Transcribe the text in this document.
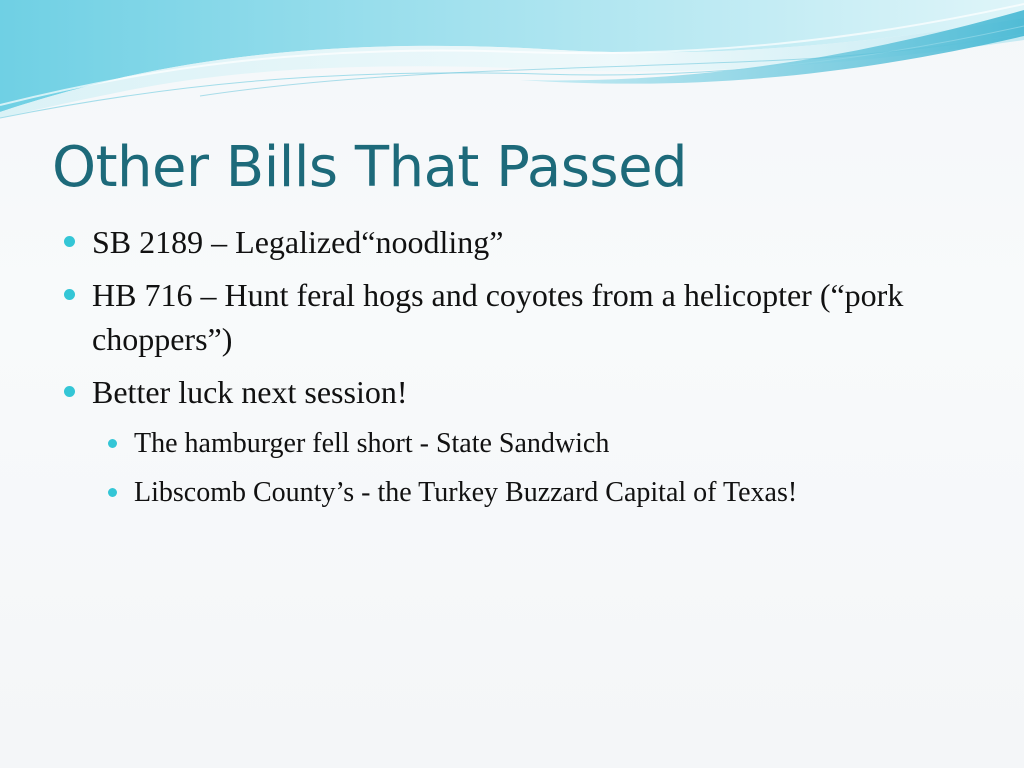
Other Bills That Passed
SB 2189 – Legalized“noodling”
HB 716 – Hunt feral hogs and coyotes from a helicopter (“pork choppers”)
Better luck next session!
The hamburger fell short - State Sandwich
Libscomb County’s - the Turkey Buzzard Capital of Texas!
